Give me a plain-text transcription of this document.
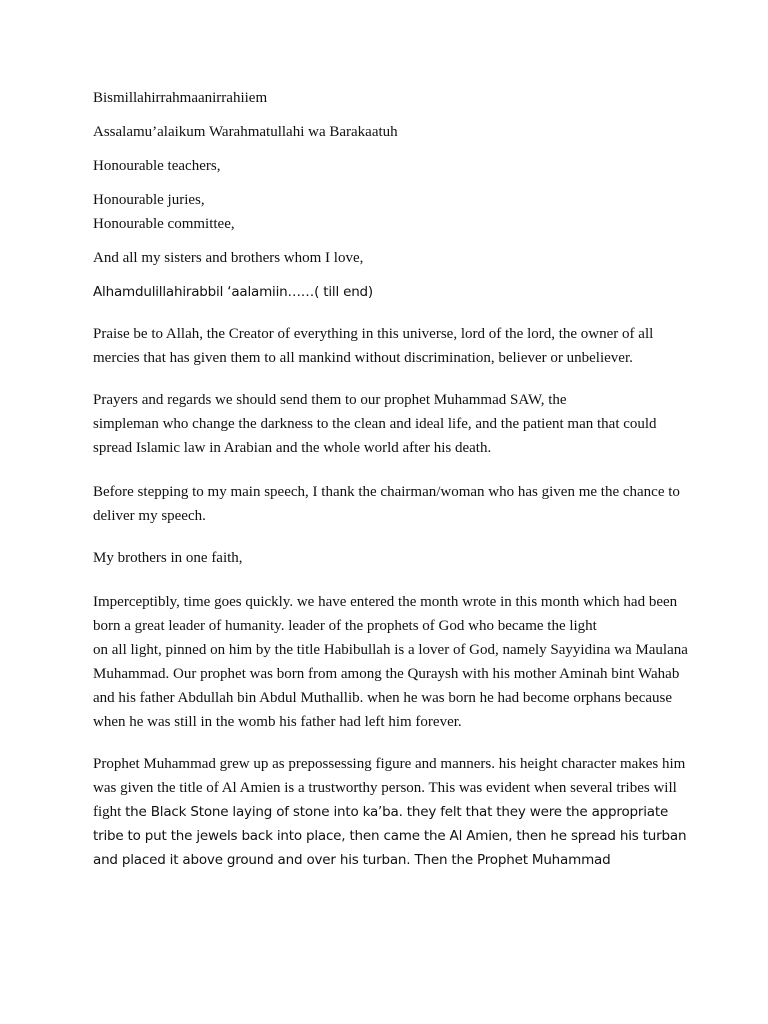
Bismillahirrahmaanirrahiiem

Assalamu’alaikum Warahmatullahi wa Barakaatuh

Honourable teachers,

Honourable juries,

Honourable committee,

And all my sisters and brothers whom I love,

Alhamdulillahirabbil ‘aalamiin……( till end)

Praise be to Allah, the Creator of everything in this universe, lord of the lord, the owner of all mercies that has given them to all mankind without discrimination, believer or unbeliever.

Prayers and regards we should send them to our prophet Muhammad SAW, the

simpleman who change the darkness to the clean and ideal life, and the patient man that could spread Islamic law in Arabian and the whole world after his death.

Before stepping to my main speech, I thank the chairman/woman who has given me the chance to deliver my speech.

My brothers in one faith,

Imperceptibly, time goes quickly. we have entered the month wrote in this month which had been born a great leader of humanity. leader of the prophets of God who became the light

on all light, pinned on him by the title Habibullah is a lover of God, namely Sayyidina wa Maulana Muhammad. Our prophet was born from among the Quraysh with his mother Aminah bint Wahab and his father Abdullah bin Abdul Muthallib. when he was born he had become orphans because when he was still in the womb his father had left him forever.

Prophet Muhammad grew up as prepossessing figure and manners. his height character makes him was given the title of Al Amien is a trustworthy person. This was evident when several tribes will fight the Black Stone laying of stone into ka’ba. they felt that they were the appropriate tribe to put the jewels back into place, then came the Al Amien, then he spread his turban and placed it above ground and over his turban. Then the Prophet Muhammad
